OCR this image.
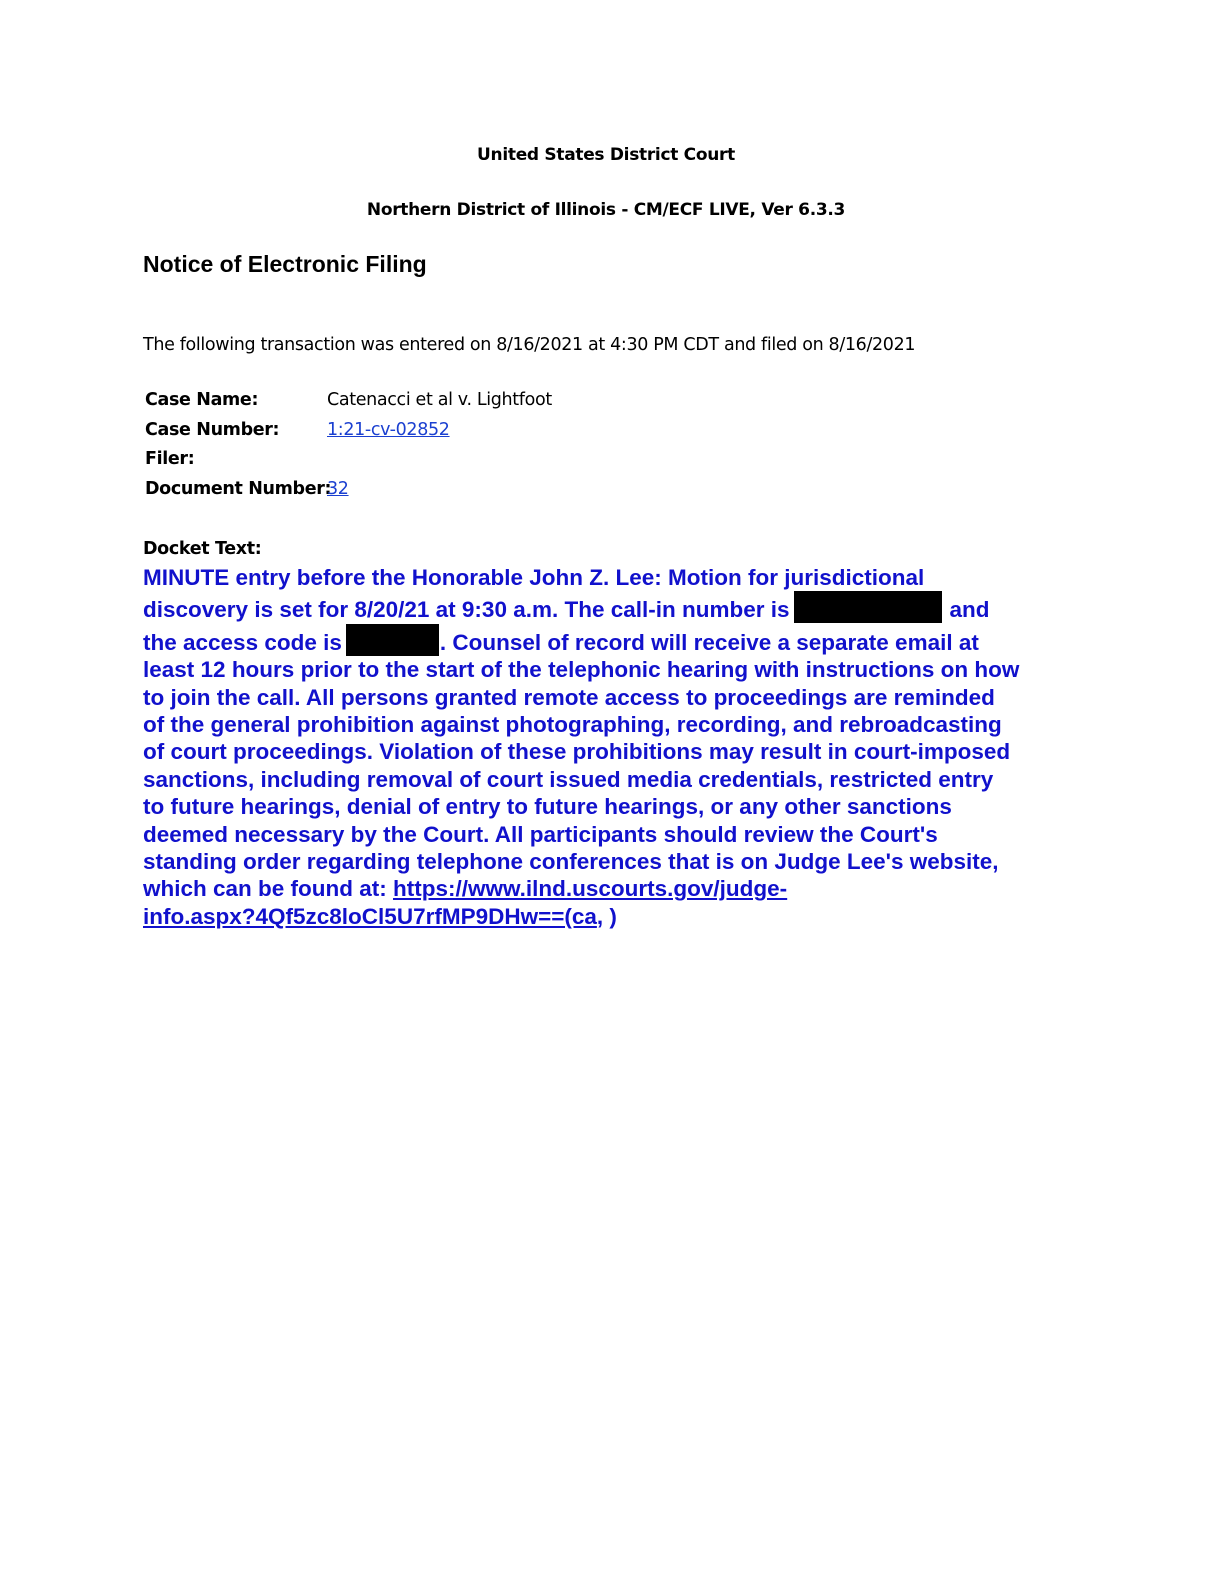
United States District Court
Northern District of Illinois - CM/ECF LIVE, Ver 6.3.3
Notice of Electronic Filing
The following transaction was entered on 8/16/2021 at 4:30 PM CDT and filed on 8/16/2021
Case Name:	Catenacci et al v. Lightfoot
Case Number:	1:21-cv-02852
Filer:
Document Number:
32
Docket Text:
MINUTE entry before the Honorable John Z. Lee: Motion for jurisdictional
discovery is set for 8/20/21 at 9:30 a.m. The call-in number is	and
the access code is	. Counsel of record will receive a separate email at
least 12 hours prior to the start of the telephonic hearing with instructions on how
to join the call. All persons granted remote access to proceedings are reminded
of the general prohibition against photographing, recording, and rebroadcasting
of court proceedings. Violation of these prohibitions may result in court-imposed
sanctions, including removal of court issued media credentials, restricted entry
to future hearings, denial of entry to future hearings, or any other sanctions
deemed necessary by the Court. All participants should review the Court's
standing order regarding telephone conferences that is on Judge Lee's website,
which can be found at: https://www.ilnd.uscourts.gov/judge-
info.aspx?4Qf5zc8loCl5U7rfMP9DHw==(ca, )
